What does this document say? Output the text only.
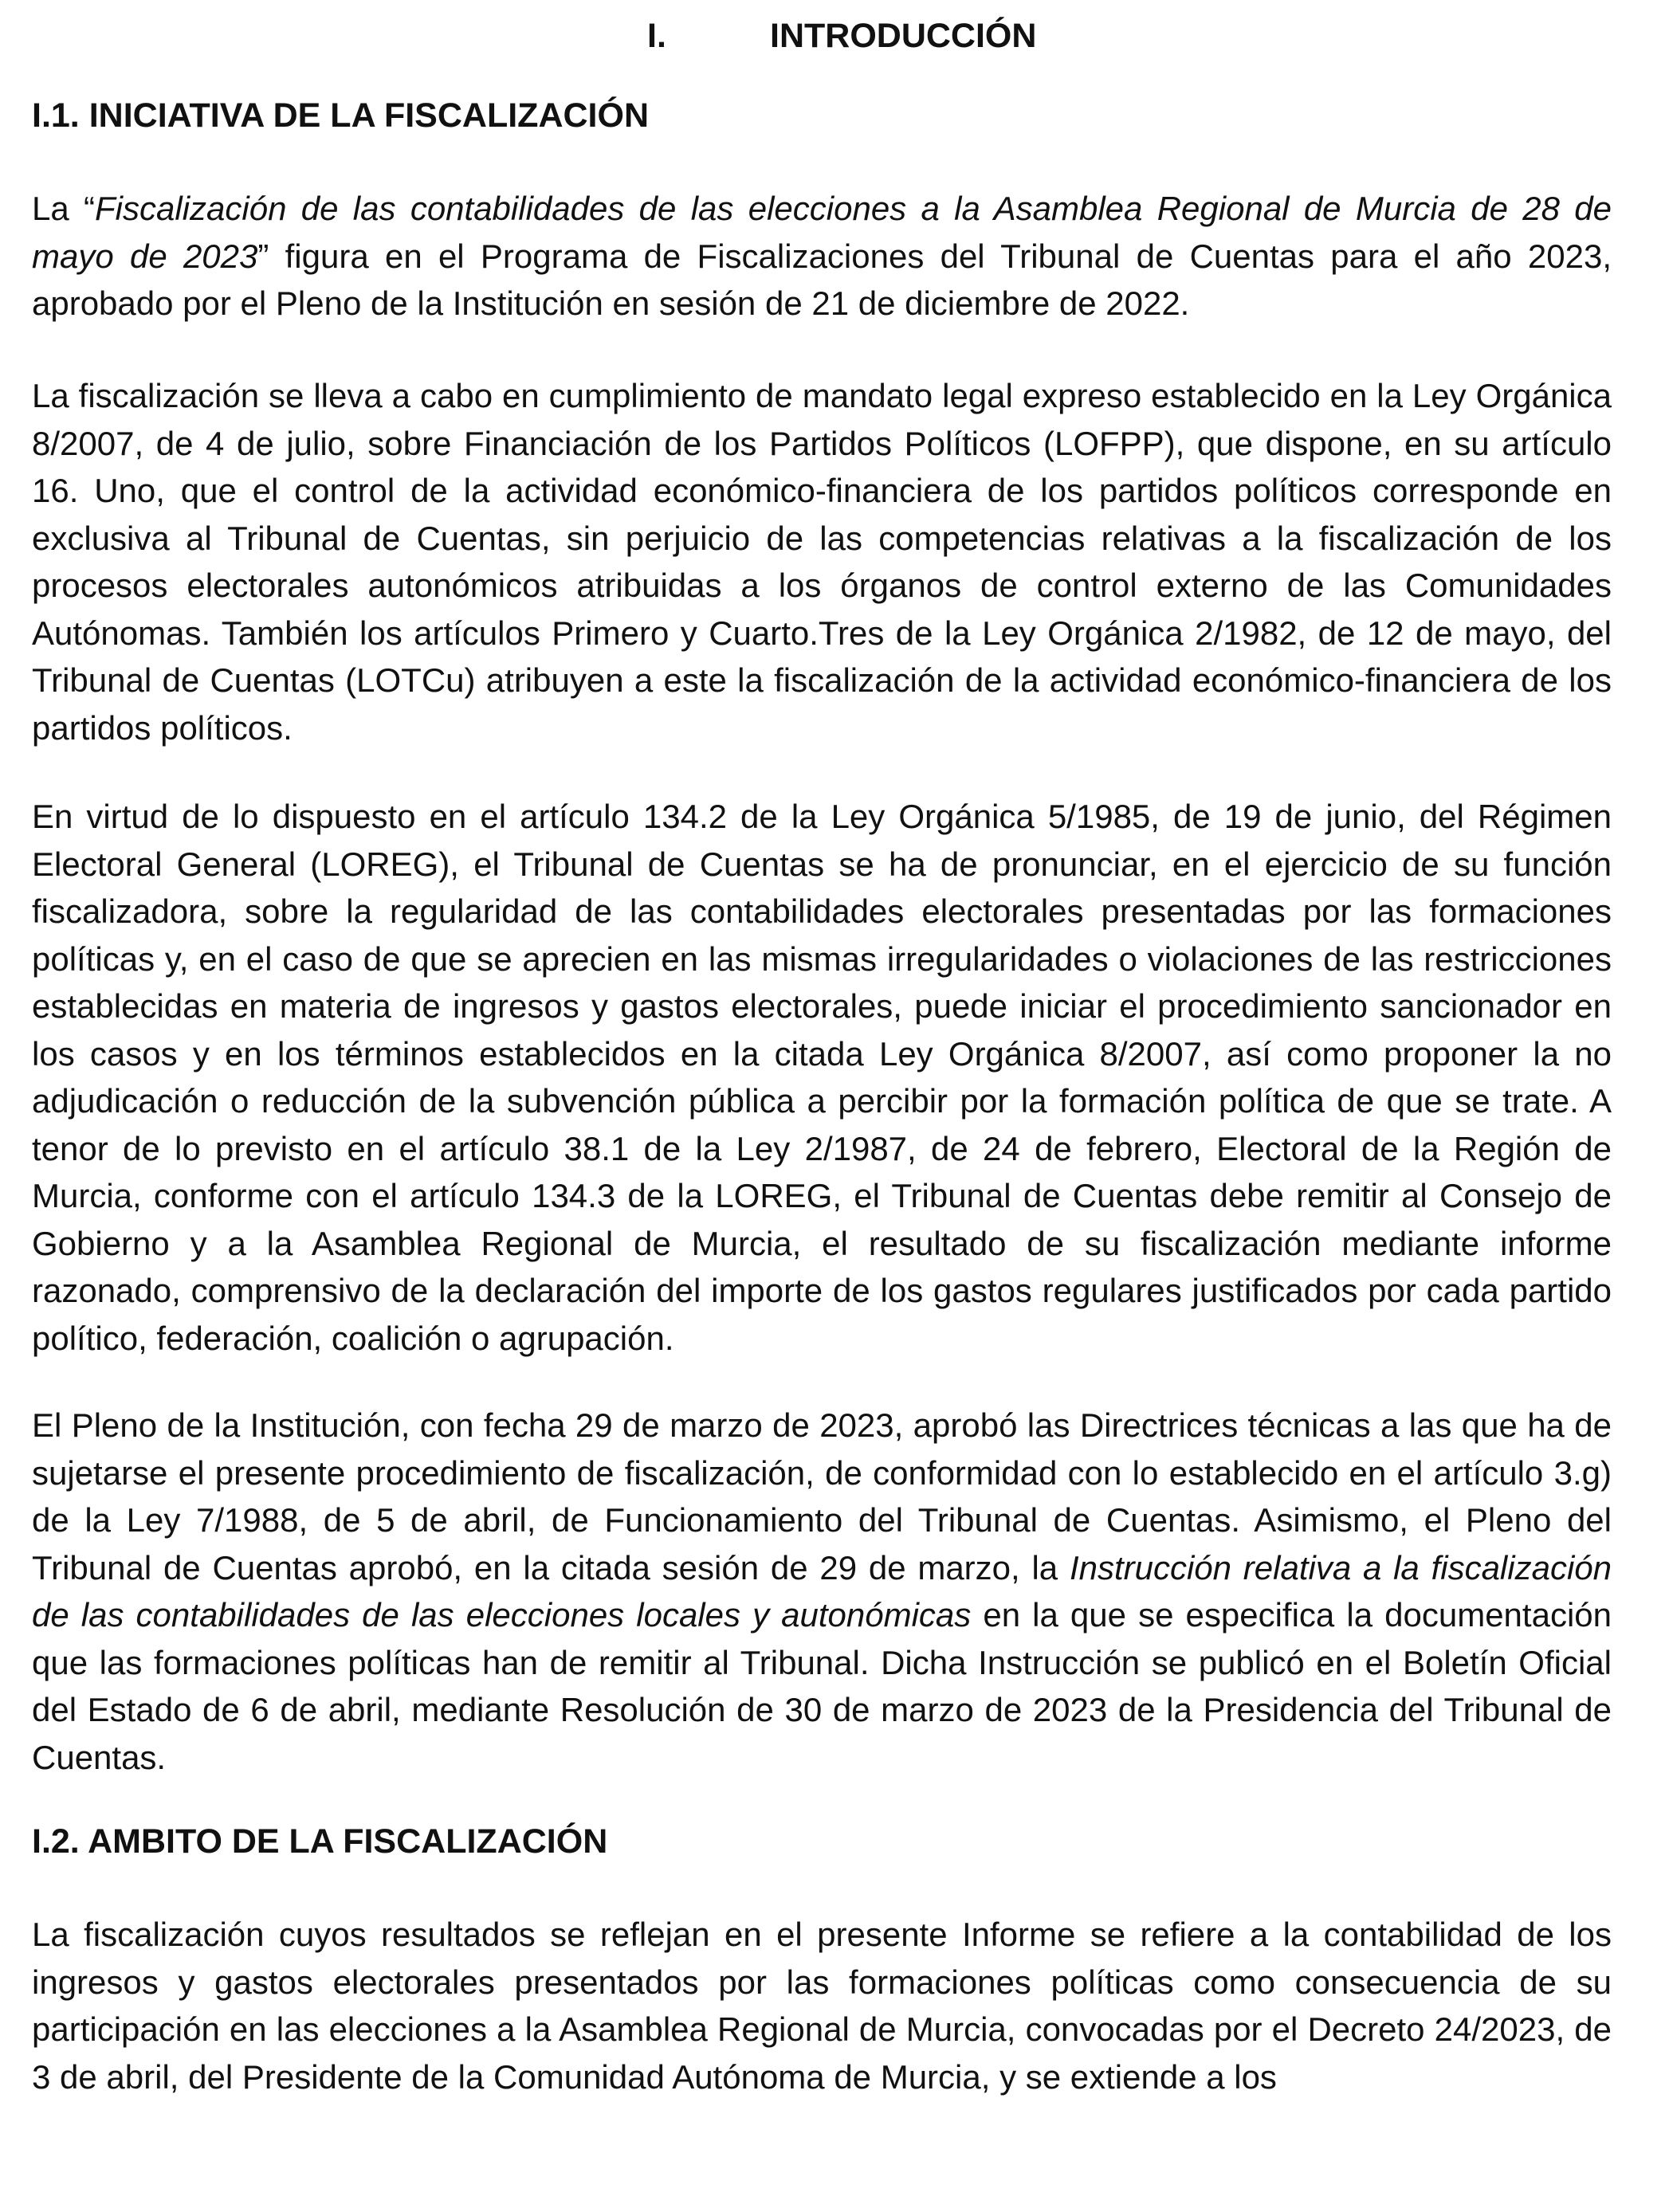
I.	INTRODUCCIÓN
I.1. INICIATIVA DE LA FISCALIZACIÓN

La “Fiscalización de las contabilidades de las elecciones a la Asamblea Regional de Murcia de 28 de mayo de 2023” figura en el Programa de Fiscalizaciones del Tribunal de Cuentas para el año 2023, aprobado por el Pleno de la Institución en sesión de 21 de diciembre de 2022.

La fiscalización se lleva a cabo en cumplimiento de mandato legal expreso establecido en la Ley Orgánica 8/2007, de 4 de julio, sobre Financiación de los Partidos Políticos (LOFPP), que dispone, en su artículo 16. Uno, que el control de la actividad económico-financiera de los partidos políticos corresponde en exclusiva al Tribunal de Cuentas, sin perjuicio de las competencias relativas a la fiscalización de los procesos electorales autonómicos atribuidas a los órganos de control externo de las Comunidades Autónomas. También los artículos Primero y Cuarto.Tres de la Ley Orgánica 2/1982, de 12 de mayo, del Tribunal de Cuentas (LOTCu) atribuyen a este la fiscalización de la actividad económico-financiera de los partidos políticos.

En virtud de lo dispuesto en el artículo 134.2 de la Ley Orgánica 5/1985, de 19 de junio, del Régimen Electoral General (LOREG), el Tribunal de Cuentas se ha de pronunciar, en el ejercicio de su función fiscalizadora, sobre la regularidad de las contabilidades electorales presentadas por las formaciones políticas y, en el caso de que se aprecien en las mismas irregularidades o violaciones de las restricciones establecidas en materia de ingresos y gastos electorales, puede iniciar el procedimiento sancionador en los casos y en los términos establecidos en la citada Ley Orgánica 8/2007, así como proponer la no adjudicación o reducción de la subvención pública a percibir por la formación política de que se trate. A tenor de lo previsto en el artículo 38.1 de la Ley 2/1987, de 24 de febrero, Electoral de la Región de Murcia, conforme con el artículo 134.3 de la LOREG, el Tribunal de Cuentas debe remitir al Consejo de Gobierno y a la Asamblea Regional de Murcia, el resultado de su fiscalización mediante informe razonado, comprensivo de la declaración del importe de los gastos regulares justificados por cada partido político, federación, coalición o agrupación.

El Pleno de la Institución, con fecha 29 de marzo de 2023, aprobó las Directrices técnicas a las que ha de sujetarse el presente procedimiento de fiscalización, de conformidad con lo establecido en el artículo 3.g) de la Ley 7/1988, de 5 de abril, de Funcionamiento del Tribunal de Cuentas. Asimismo, el Pleno del Tribunal de Cuentas aprobó, en la citada sesión de 29 de marzo, la Instrucción relativa a la fiscalización de las contabilidades de las elecciones locales y autonómicas en la que se especifica la documentación que las formaciones políticas han de remitir al Tribunal. Dicha Instrucción se publicó en el Boletín Oficial del Estado de 6 de abril, mediante Resolución de 30 de marzo de 2023 de la Presidencia del Tribunal de Cuentas.

I.2. AMBITO DE LA FISCALIZACIÓN

La fiscalización cuyos resultados se reflejan en el presente Informe se refiere a la contabilidad de los ingresos y gastos electorales presentados por las formaciones políticas como consecuencia de su participación en las elecciones a la Asamblea Regional de Murcia, convocadas por el Decreto 24/2023, de 3 de abril, del Presidente de la Comunidad Autónoma de Murcia, y se extiende a los
